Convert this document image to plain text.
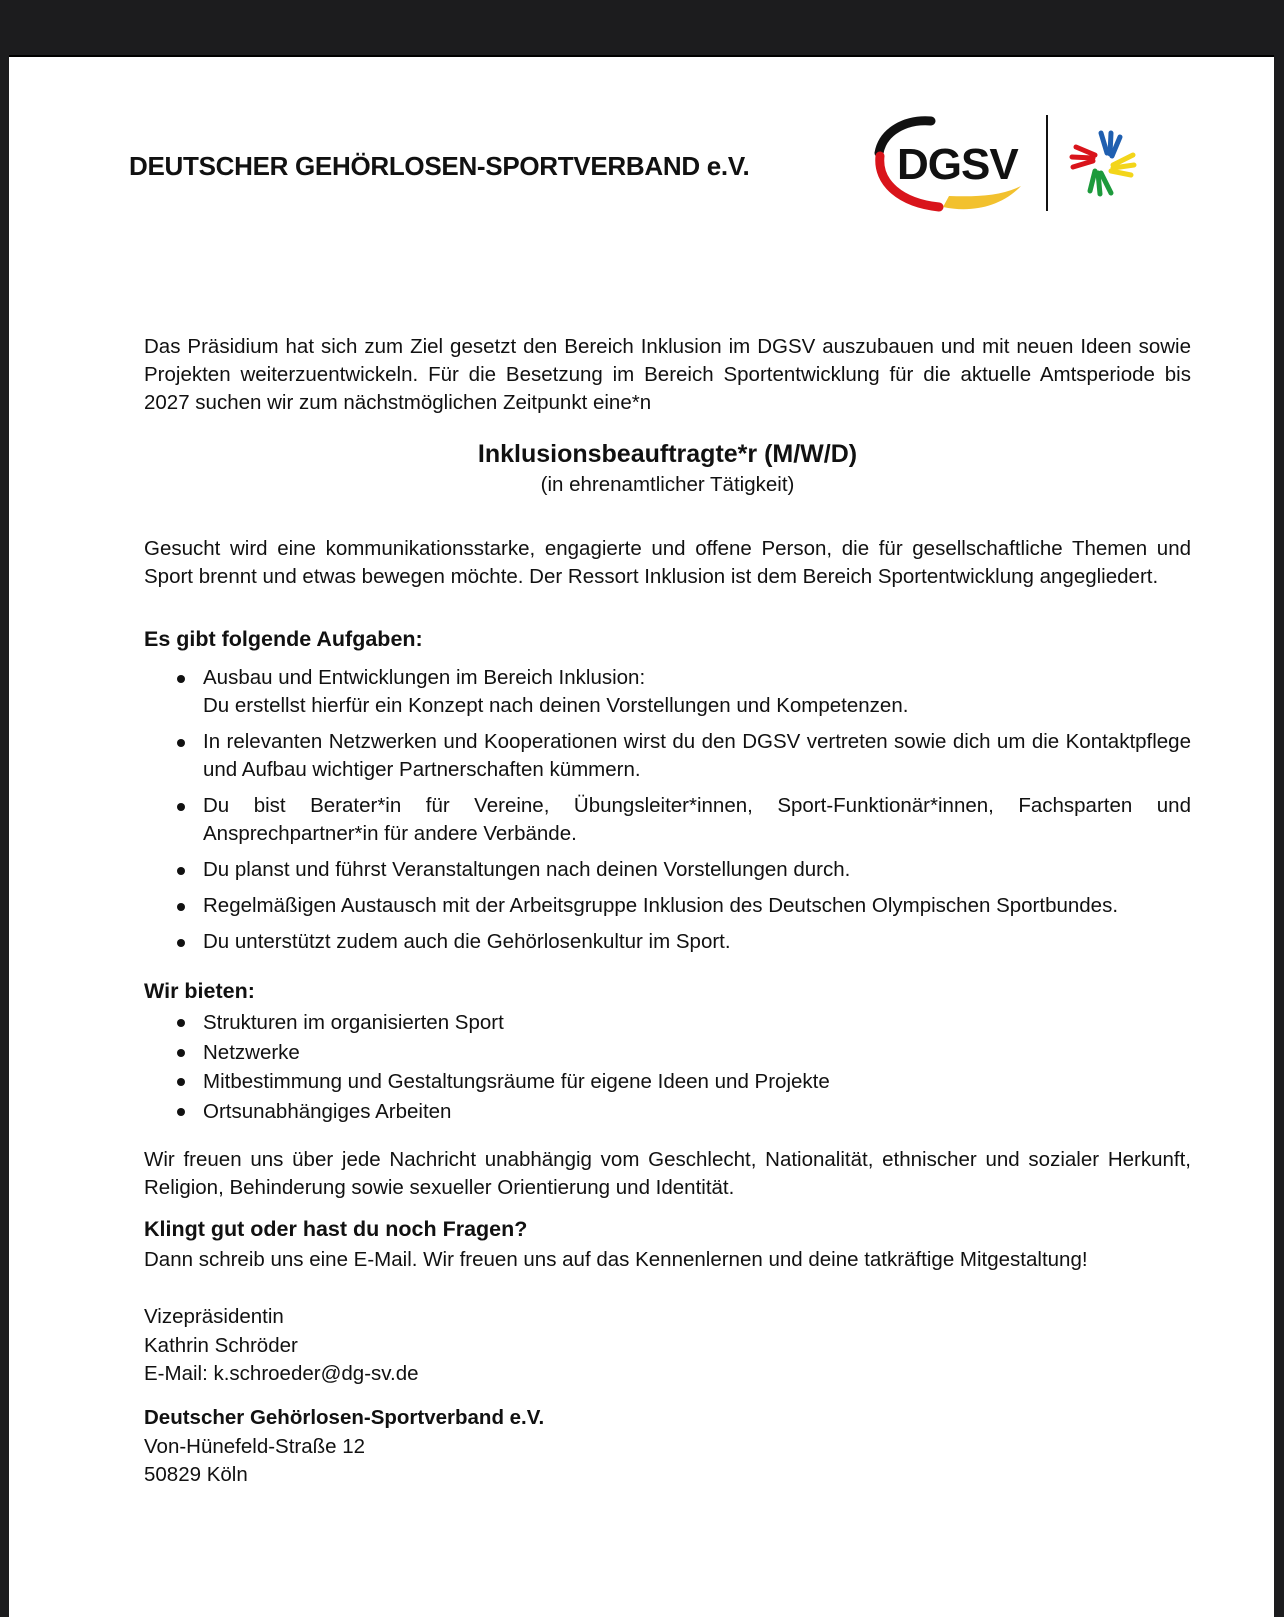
DEUTSCHER GEHÖRLOSEN-SPORTVERBAND e.V.	DGSV
Das Präsidium hat sich zum Ziel gesetzt den Bereich Inklusion im DGSV auszubauen und mit neuen Ideen sowie Projekten weiterzuentwickeln. Für die Besetzung im Bereich Sportentwicklung für die aktuelle Amtsperiode bis 2027 suchen wir zum nächstmöglichen Zeitpunkt eine*n
Inklusionsbeauftragte*r (M/W/D)
(in ehrenamtlicher Tätigkeit)
Gesucht wird eine kommunikationsstarke, engagierte und offene Person, die für gesellschaftliche Themen und Sport brennt und etwas bewegen möchte. Der Ressort Inklusion ist dem Bereich Sportentwicklung angegliedert.
Es gibt folgende Aufgaben:
Ausbau und Entwicklungen im Bereich Inklusion:
Du erstellst hierfür ein Konzept nach deinen Vorstellungen und Kompetenzen.
In relevanten Netzwerken und Kooperationen wirst du den DGSV vertreten sowie dich um die Kontaktpflege und Aufbau wichtiger Partnerschaften kümmern.
Du bist Berater*in für Vereine, Übungsleiter*innen, Sport-Funktionär*innen, Fachsparten und Ansprechpartner*in für andere Verbände.
Du planst und führst Veranstaltungen nach deinen Vorstellungen durch.
Regelmäßigen Austausch mit der Arbeitsgruppe Inklusion des Deutschen Olympischen Sportbundes.
Du unterstützt zudem auch die Gehörlosenkultur im Sport.
Wir bieten:
Strukturen im organisierten Sport
Netzwerke
Mitbestimmung und Gestaltungsräume für eigene Ideen und Projekte
Ortsunabhängiges Arbeiten
Wir freuen uns über jede Nachricht unabhängig vom Geschlecht, Nationalität, ethnischer und sozialer Herkunft, Religion, Behinderung sowie sexueller Orientierung und Identität.
Klingt gut oder hast du noch Fragen?
Dann schreib uns eine E-Mail. Wir freuen uns auf das Kennenlernen und deine tatkräftige Mitgestaltung!
Vizepräsidentin
Kathrin Schröder
E-Mail: k.schroeder@dg-sv.de
Deutscher Gehörlosen-Sportverband e.V.
Von-Hünefeld-Straße 12
50829 Köln
